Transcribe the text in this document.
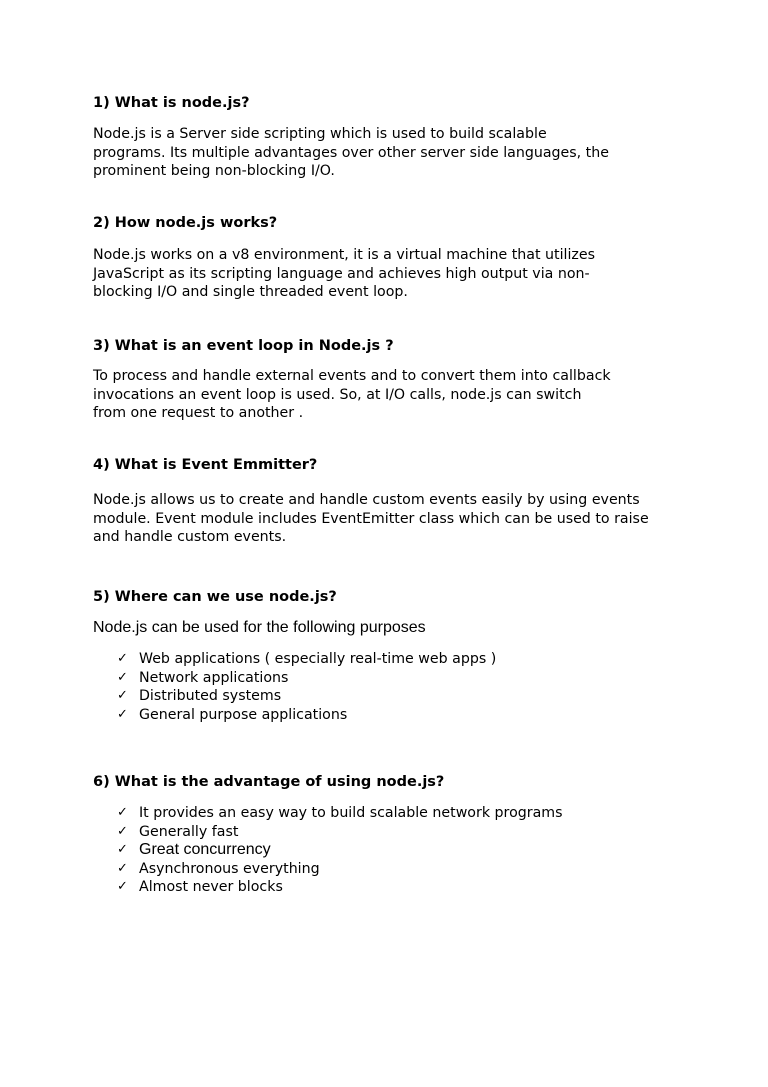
1) What is node.js?
Node.js is a Server side scripting which is used to build scalable
programs. Its multiple advantages over other server side languages, the
prominent being non-blocking I/O.
2) How node.js works?
Node.js works on a v8 environment, it is a virtual machine that utilizes
JavaScript as its scripting language and achieves high output via non-
blocking I/O and single threaded event loop.
3) What is an event loop in Node.js ?
To process and handle external events and to convert them into callback
invocations an event loop is used. So, at I/O calls, node.js can switch
from one request to another .
4) What is Event Emmitter?
Node.js allows us to create and handle custom events easily by using events
module. Event module includes EventEmitter class which can be used to raise
and handle custom events.
5) Where can we use node.js?

Node.js can be used for the following purposes

✓ Web applications ( especially real-time web apps )
✓ Network applications
✓ Distributed systems
✓ General purpose applications
6) What is the advantage of using node.js?
✓ It provides an easy way to build scalable network programs
✓ Generally fast
✓ Great concurrency
✓ Asynchronous everything
✓ Almost never blocks
